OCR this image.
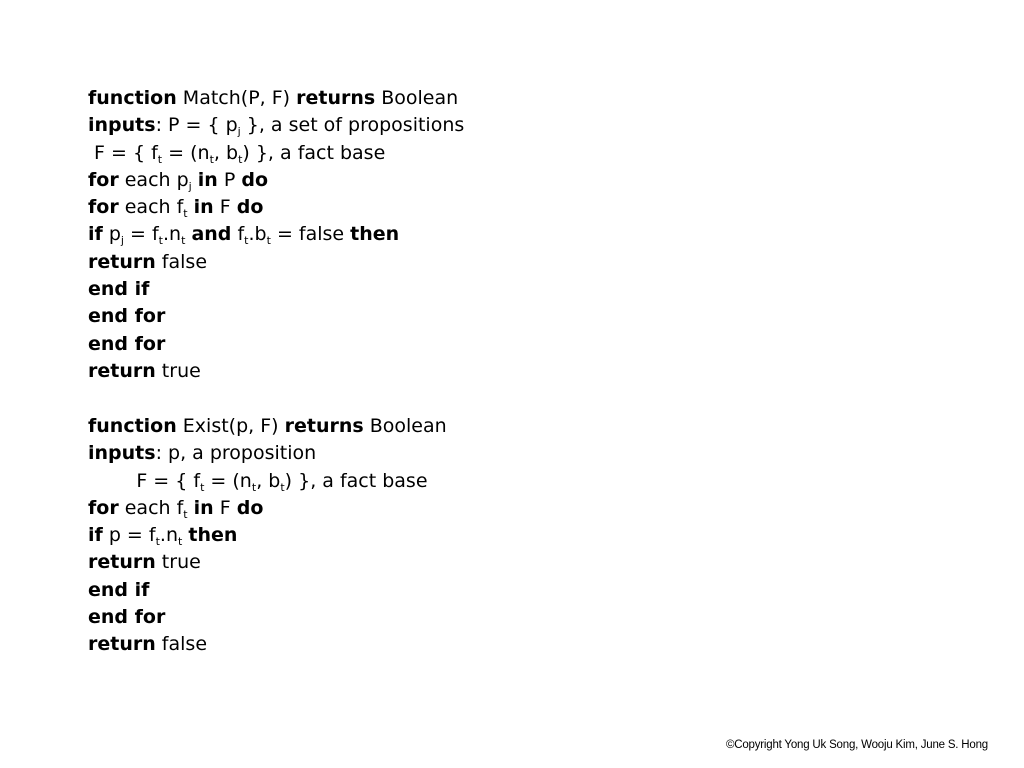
function Match(P, F) returns Boolean
inputs: P = { $p_j$ }, a set of propositions
F = { $f_t = (n_t$, $b_t$) }, a fact base
for each $p_j$ in P do
for each $f_t$ in F do
if $p_j = f_t.n_t$ and $f_t.b_t$ = false then
return false
end if
end for
end for
return true
function Exist(p, F) returns Boolean
inputs: p, a proposition
F = { $f_t = (n_t$, $b_t$) }, a fact base
for each $f_t$ in F do
if $p = f_t.n_t$ then
return true
end if
end for
return false
©Copyright Yong Uk Song, Wooju Kim, June S. Hong
